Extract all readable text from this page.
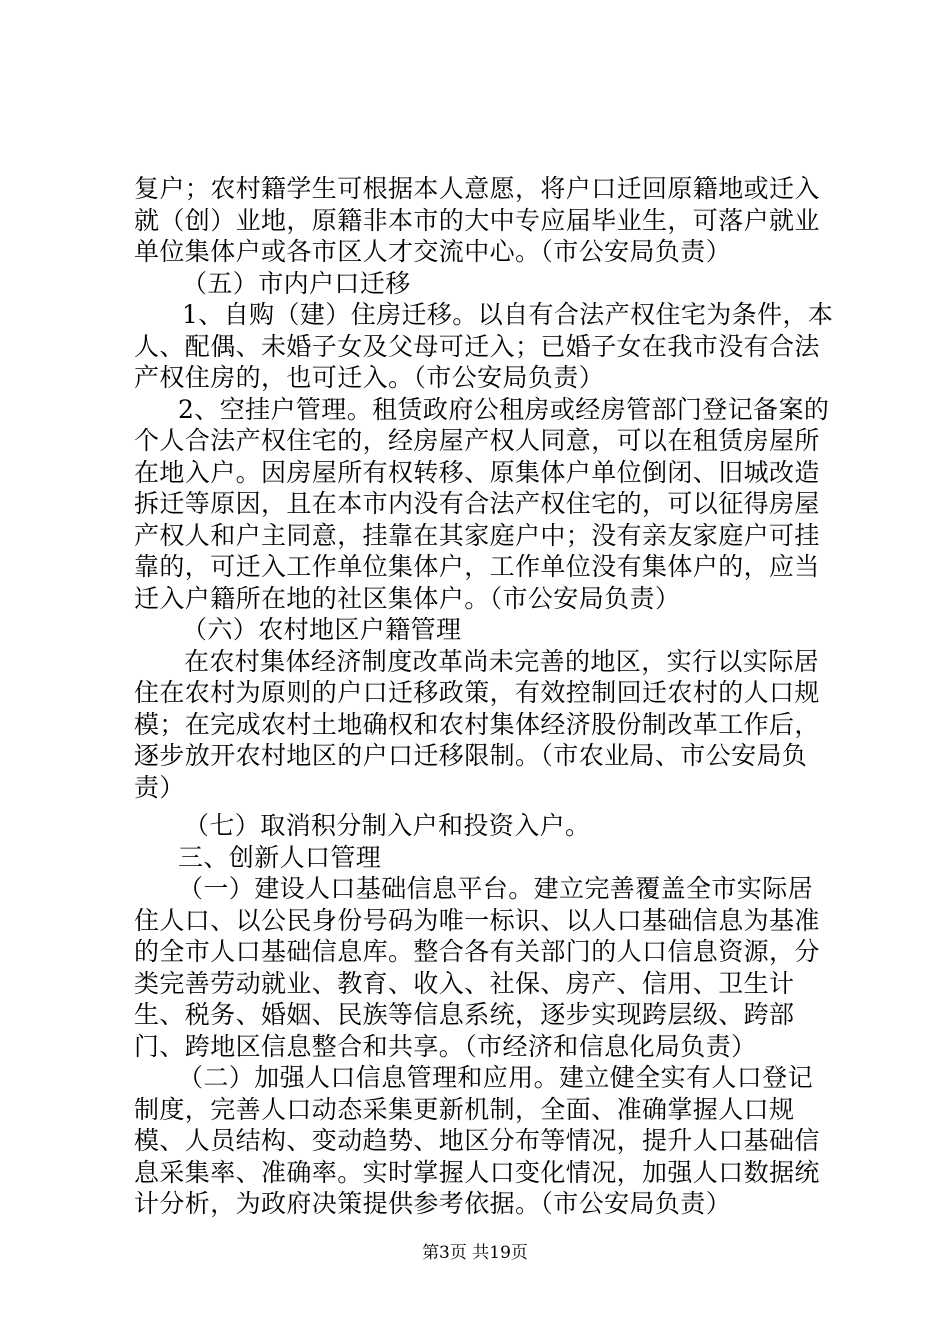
复户；农村籍学生可根据本人意愿，将户口迁回原籍地或迁入就（创）业地，原籍非本市的大中专应届毕业生，可落户就业单位集体户或各市区人才交流中心。（市公安局负责）

（五）市内户口迁移

1、自购（建）住房迁移。以自有合法产权住宅为条件，本人、配偶、未婚子女及父母可迁入；已婚子女在我市没有合法产权住房的，也可迁入。（市公安局负责）

2、空挂户管理。租赁政府公租房或经房管部门登记备案的个人合法产权住宅的，经房屋产权人同意，可以在租赁房屋所在地入户。因房屋所有权转移、原集体户单位倒闭、旧城改造拆迁等原因，且在本市内没有合法产权住宅的，可以征得房屋产权人和户主同意，挂靠在其家庭户中；没有亲友家庭户可挂靠的，可迁入工作单位集体户，工作单位没有集体户的，应当迁入户籍所在地的社区集体户。（市公安局负责）

（六）农村地区户籍管理

在农村集体经济制度改革尚未完善的地区，实行以实际居住在农村为原则的户口迁移政策，有效控制回迁农村的人口规模；在完成农村土地确权和农村集体经济股份制改革工作后，逐步放开农村地区的户口迁移限制。（市农业局、市公安局负责）

（七）取消积分制入户和投资入户。

三、创新人口管理

（一）建设人口基础信息平台。建立完善覆盖全市实际居住人口、以公民身份号码为唯一标识、以人口基础信息为基准的全市人口基础信息库。整合各有关部门的人口信息资源，分类完善劳动就业、教育、收入、社保、房产、信用、卫生计生、税务、婚姻、民族等信息系统，逐步实现跨层级、跨部门、跨地区信息整合和共享。（市经济和信息化局负责）

（二）加强人口信息管理和应用。建立健全实有人口登记制度，完善人口动态采集更新机制，全面、准确掌握人口规模、人员结构、变动趋势、地区分布等情况，提升人口基础信息采集率、准确率。实时掌握人口变化情况，加强人口数据统计分析，为政府决策提供参考依据。（市公安局负责）

第3页 共19页
